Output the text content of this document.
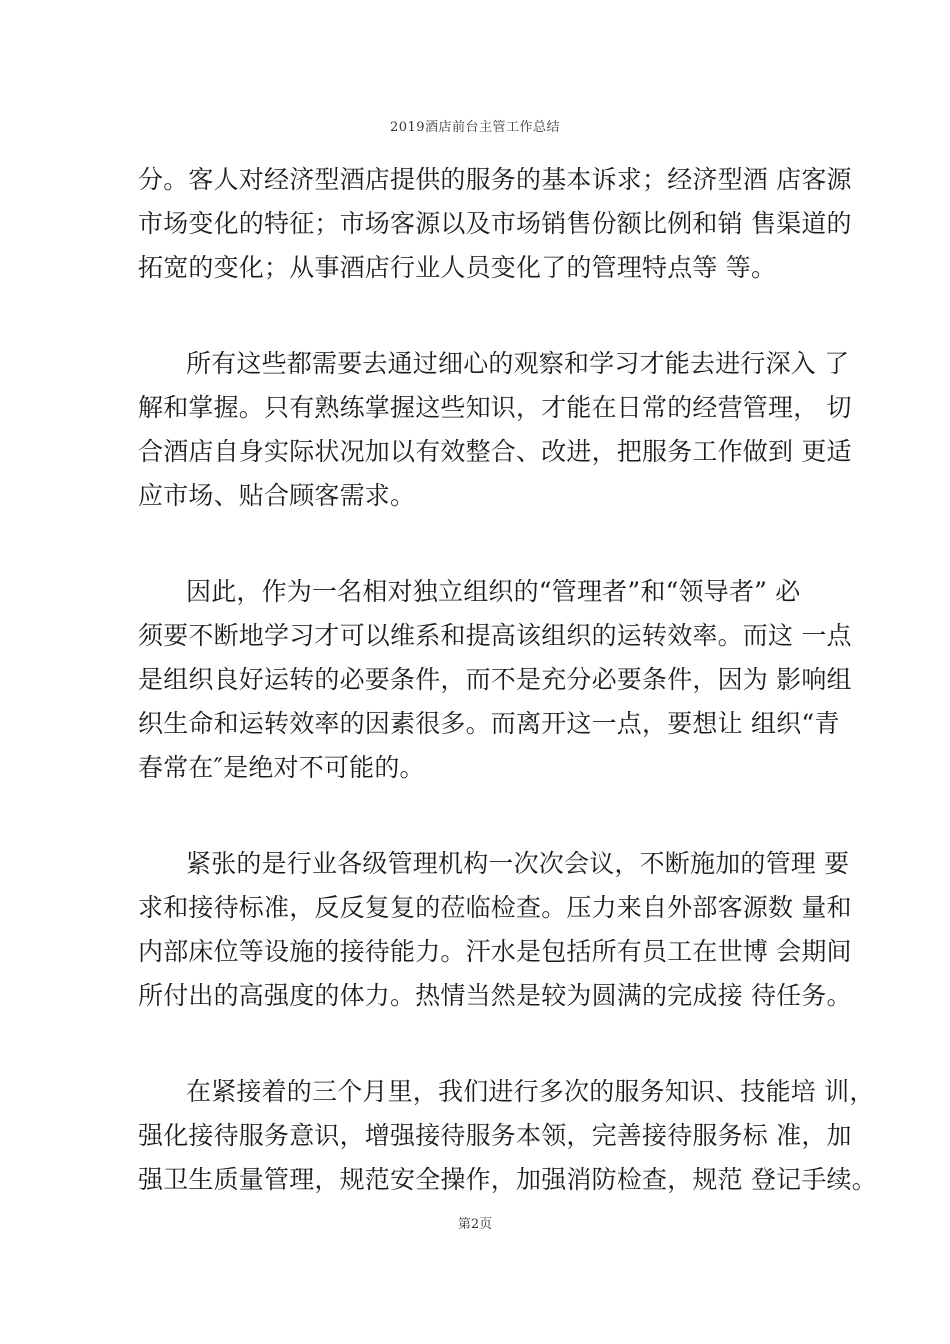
2019酒店前台主管工作总结
分。客人对经济型酒店提供的服务的基本诉求；经济型酒 店客源
市场变化的特征；市场客源以及市场销售份额比例和销 售渠道的
拓宽的变化；从事酒店行业人员变化了的管理特点等 等。
所有这些都需要去通过细心的观察和学习才能去进行深入 了
解和掌握。只有熟练掌握这些知识，才能在日常的经营管理， 切
合酒店自身实际状况加以有效整合、改进，把服务工作做到 更适
应市场、贴合顾客需求。
因此，作为一名相对独立组织的“管理者”和“领导者” 必
须要不断地学习才可以维系和提高该组织的运转效率。而这 一点
是组织良好运转的必要条件，而不是充分必要条件，因为 影响组
织生命和运转效率的因素很多。而离开这一点，要想让 组织“青
春常在″是绝对不可能的。
紧张的是行业各级管理机构一次次会议，不断施加的管理 要
求和接待标准，反反复复的莅临检查。压力来自外部客源数 量和
内部床位等设施的接待能力。汗水是包括所有员工在世博 会期间
所付出的高强度的体力。热情当然是较为圆满的完成接 待任务。
在紧接着的三个月里，我们进行多次的服务知识、技能培 训，
强化接待服务意识，增强接待服务本领，完善接待服务标 准，加
强卫生质量管理，规范安全操作，加强消防检查，规范 登记手续。
第2页
